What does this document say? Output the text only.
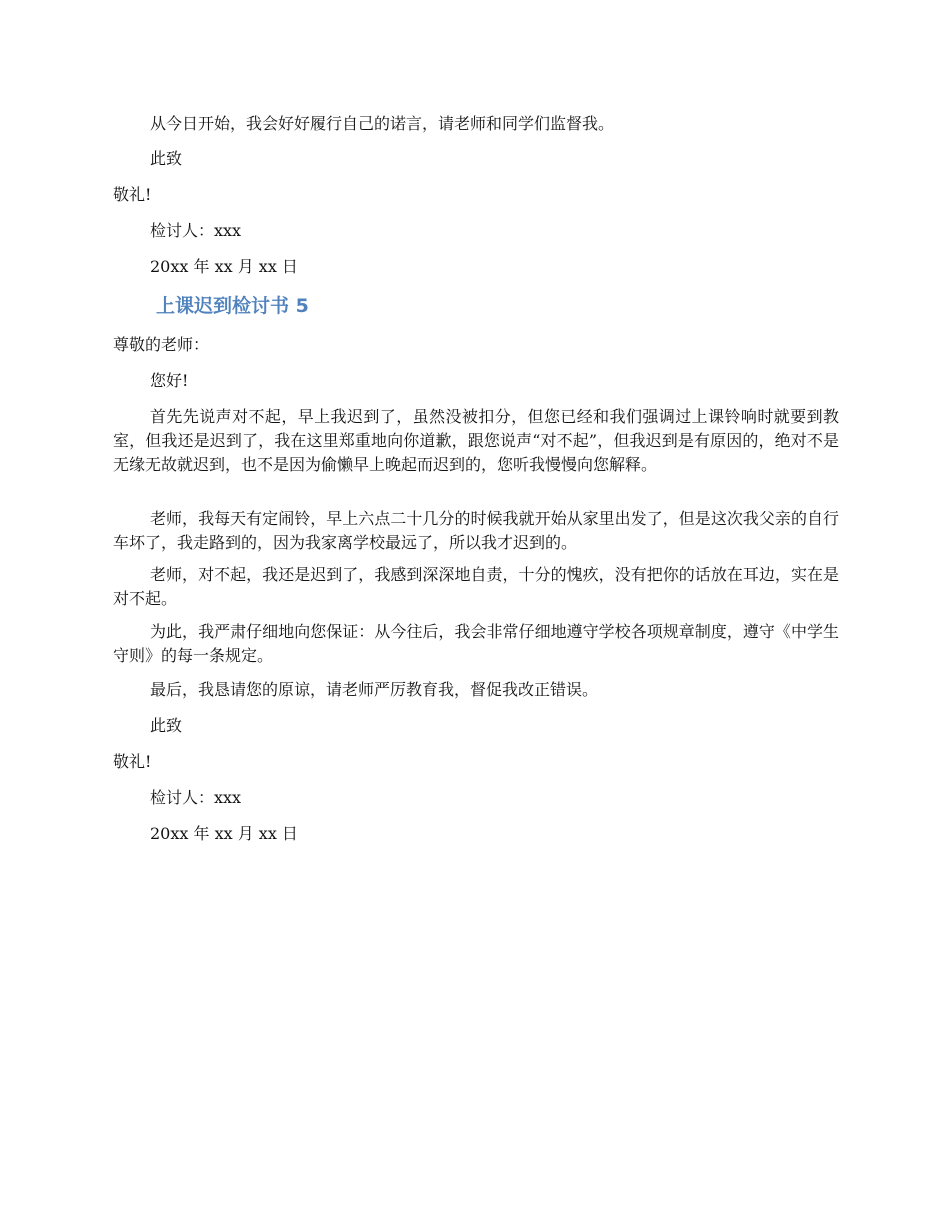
从今日开始，我会好好履行自己的诺言，请老师和同学们监督我。

此致

敬礼!

检讨人：xxx

20xx 年 xx 月 xx 日

上课迟到检讨书 5

尊敬的老师：

您好!

首先先说声对不起，早上我迟到了，虽然没被扣分，但您已经和我们强调过上课铃响时就要到教室，但我还是迟到了，我在这里郑重地向你道歉，跟您说声“对不起”，但我迟到是有原因的，绝对不是无缘无故就迟到，也不是因为偷懒早上晚起而迟到的，您听我慢慢向您解释。

老师，我每天有定闹铃，早上六点二十几分的时候我就开始从家里出发了，但是这次我父亲的自行车坏了，我走路到的，因为我家离学校最远了，所以我才迟到的。

老师，对不起，我还是迟到了，我感到深深地自责，十分的愧疚，没有把你的话放在耳边，实在是对不起。

为此，我严肃仔细地向您保证：从今往后，我会非常仔细地遵守学校各项规章制度，遵守《中学生守则》的每一条规定。

最后，我恳请您的原谅，请老师严厉教育我，督促我改正错误。

此致

敬礼!

检讨人：xxx

20xx 年 xx 月 xx 日
